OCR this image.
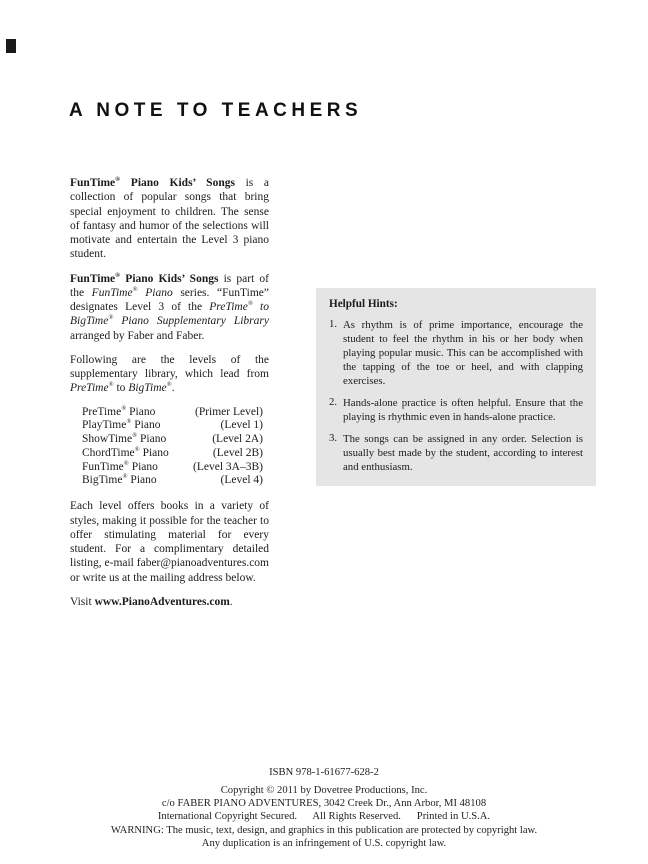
A NOTE TO TEACHERS

FunTime® Piano Kids’ Songs is a collection of popular songs that bring special enjoyment to children. The sense of fantasy and humor of the selections will motivate and entertain the Level 3 piano student.

FunTime® Piano Kids’ Songs is part of the FunTime® Piano series. “FunTime” designates Level 3 of the PreTime® to BigTime® Piano Supplementary Library arranged by Faber and Faber.

Following are the levels of the supplementary library, which lead from PreTime® to BigTime®.

PreTime® Piano	(Primer Level)
PlayTime® Piano	(Level 1)
ShowTime® Piano	(Level 2A)
ChordTime® Piano	(Level 2B)
FunTime® Piano	(Level 3A–3B)
BigTime® Piano	(Level 4)

Each level offers books in a variety of styles, making it possible for the teacher to offer stimulating material for every student. For a complimentary detailed listing, e-mail faber@pianoadventures.com or write us at the mailing address below.

Visit www.PianoAdventures.com.

Helpful Hints:
1. As rhythm is of prime importance, encourage the student to feel the rhythm in his or her body when playing popular music. This can be accomplished with the tapping of the toe or heel, and with clapping exercises.
2. Hands-alone practice is often helpful. Ensure that the playing is rhythmic even in hands-alone practice.
3. The songs can be assigned in any order. Selection is usually best made by the student, according to interest and enthusiasm.
ISBN 978-1-61677-628-2
Copyright © 2011 by Dovetree Productions, Inc.
c/o FABER PIANO ADVENTURES, 3042 Creek Dr., Ann Arbor, MI 48108
International Copyright Secured.      All Rights Reserved.      Printed in U.S.A.
WARNING: The music, text, design, and graphics in this publication are protected by copyright law.
Any duplication is an infringement of U.S. copyright law.
